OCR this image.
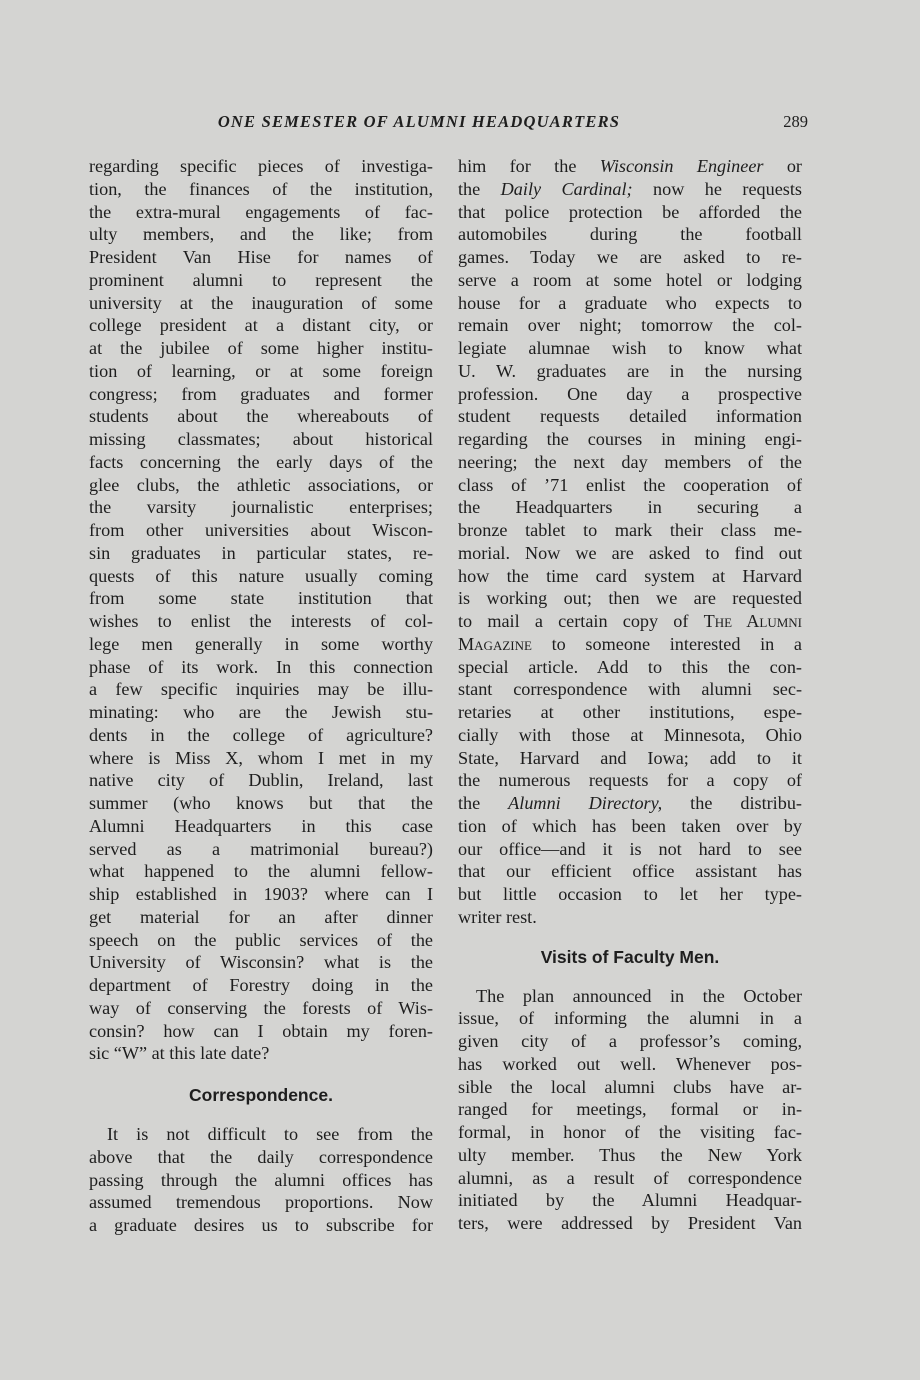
ONE SEMESTER OF ALUMNI HEADQUARTERS	289
regarding specific pieces of investiga-
tion, the finances of the institution,
the extra-mural engagements of fac-
ulty members, and the like; from
President Van Hise for names of
prominent alumni to represent the
university at the inauguration of some
college president at a distant city, or
at the jubilee of some higher institu-
tion of learning, or at some foreign
congress; from graduates and former
students about the whereabouts of
missing classmates; about historical
facts concerning the early days of the
glee clubs, the athletic associations, or
the varsity journalistic enterprises;
from other universities about Wiscon-
sin graduates in particular states, re-
quests of this nature usually coming
from some state institution that
wishes to enlist the interests of col-
lege men generally in some worthy
phase of its work. In this connection
a few specific inquiries may be illu-
minating: who are the Jewish stu-
dents in the college of agriculture?
where is Miss X, whom I met in my
native city of Dublin, Ireland, last
summer (who knows but that the
Alumni Headquarters in this case
served as a matrimonial bureau?)
what happened to the alumni fellow-
ship established in 1903? where can I
get material for an after dinner
speech on the public services of the
University of Wisconsin? what is the
department of Forestry doing in the
way of conserving the forests of Wis-
consin? how can I obtain my foren-
sic “W” at this late date?
Correspondence.
It is not difficult to see from the
above that the daily correspondence
passing through the alumni offices has
assumed tremendous proportions. Now
a graduate desires us to subscribe for
him for the Wisconsin Engineer or
the Daily Cardinal; now he requests
that police protection be afforded the
automobiles during the football
games. Today we are asked to re-
serve a room at some hotel or lodging
house for a graduate who expects to
remain over night; tomorrow the col-
legiate alumnae wish to know what
U. W. graduates are in the nursing
profession. One day a prospective
student requests detailed information
regarding the courses in mining engi-
neering; the next day members of the
class of ’71 enlist the cooperation of
the Headquarters in securing a
bronze tablet to mark their class me-
morial. Now we are asked to find out
how the time card system at Harvard
is working out; then we are requested
to mail a certain copy of The Alumni
Magazine to someone interested in a
special article. Add to this the con-
stant correspondence with alumni sec-
retaries at other institutions, espe-
cially with those at Minnesota, Ohio
State, Harvard and Iowa; add to it
the numerous requests for a copy of
the Alumni Directory, the distribu-
tion of which has been taken over by
our office—and it is not hard to see
that our efficient office assistant has
but little occasion to let her type-
writer rest.
Visits of Faculty Men.
The plan announced in the October
issue, of informing the alumni in a
given city of a professor’s coming,
has worked out well. Whenever pos-
sible the local alumni clubs have ar-
ranged for meetings, formal or in-
formal, in honor of the visiting fac-
ulty member. Thus the New York
alumni, as a result of correspondence
initiated by the Alumni Headquar-
ters, were addressed by President Van
